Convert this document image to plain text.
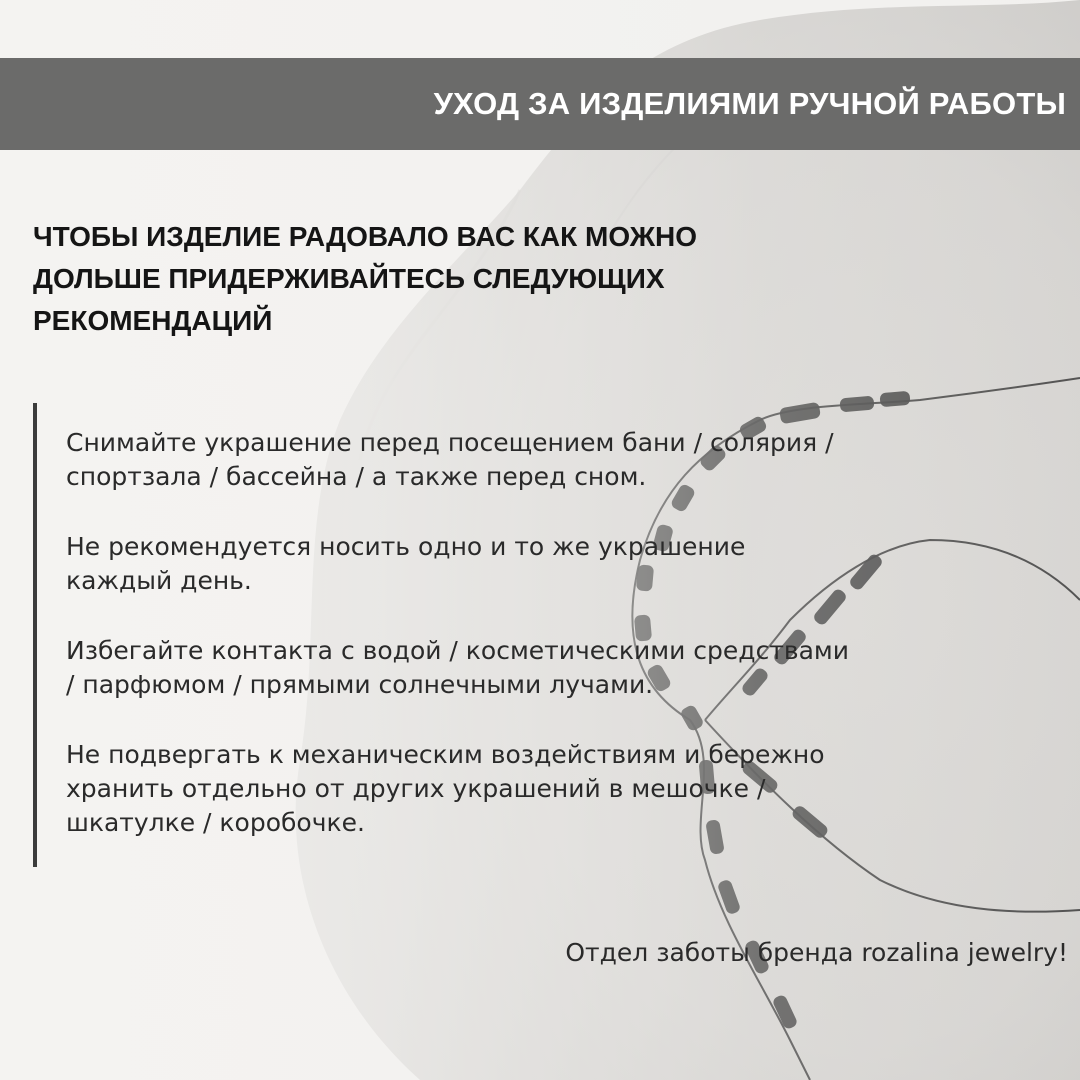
УХОД ЗА ИЗДЕЛИЯМИ РУЧНОЙ РАБОТЫ
ЧТОБЫ ИЗДЕЛИЕ РАДОВАЛО ВАС КАК МОЖНО
ДОЛЬШЕ ПРИДЕРЖИВАЙТЕСЬ СЛЕДУЮЩИХ
РЕКОМЕНДАЦИЙ
Снимайте украшение перед посещением бани / солярия /
спортзала / бассейна / а также перед сном.
Не рекомендуется носить одно и то же украшение
каждый день.
Избегайте контакта с водой / косметическими средствами
/ парфюмом / прямыми солнечными лучами.
Не подвергать к механическим воздействиям и бережно
хранить отдельно от других украшений в мешочке /
шкатулке / коробочке.
Отдел заботы бренда rozalina jewelry!
